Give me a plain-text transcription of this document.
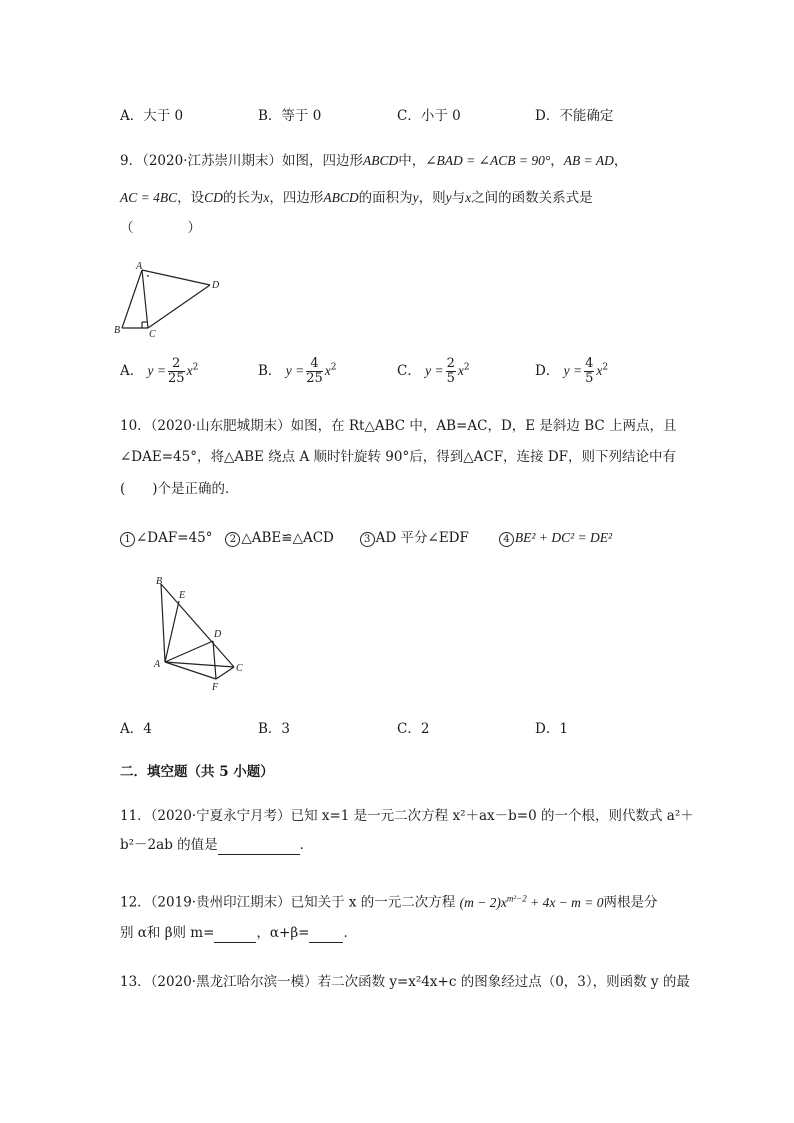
A．大于 0	B．等于 0	C．小于 0	D．不能确定
9．（2020·江苏崇川期末）如图，四边形ABCD中，∠BAD = ∠ACB = 90°，AB = AD，
AC = 4BC，设CD的长为x，四边形ABCD的面积为y，则y与x之间的函数关系式是
（　　　　）
A
B	C
D
A． $y = \frac{2}{25} x^2$	B． $y = \frac{4}{25} x^2$	C． $y = \frac{2}{5} x^2$	D． $y = \frac{4}{5} x^2$
10．（2020·山东肥城期末）如图，在 Rt△ABC 中，AB=AC，D，E 是斜边 BC 上两点，且
∠DAE=45°，将△ABE 绕点 A 顺时针旋转 90°后，得到△ACF，连接 DF，则下列结论中有
(　　)个是正确的．
1 ∠DAF=45° 2 △ABE≌△ACD	3 AD 平分∠EDF	4 BE² + DC² = DE²
B
E
D
A	C
F
A．4	B．3	C．2	D．1
二．填空题（共 5 小题）
11．（2020·宁夏永宁月考）已知 x=1 是一元二次方程 x²＋ax－b=0 的一个根，则代数式 a²＋
b²－2ab 的值是	．
12．（2019·贵州印江期末）已知关于 x 的一元二次方程 $(m - 2)x^{m^2-2} + 4x - m = 0$两根是分
别 α和 β则 m=	，α+β=	．
13．（2020·黑龙江哈尔滨一模）若二次函数 y=x²4x+c 的图象经过点（0，3），则函数 y 的最
